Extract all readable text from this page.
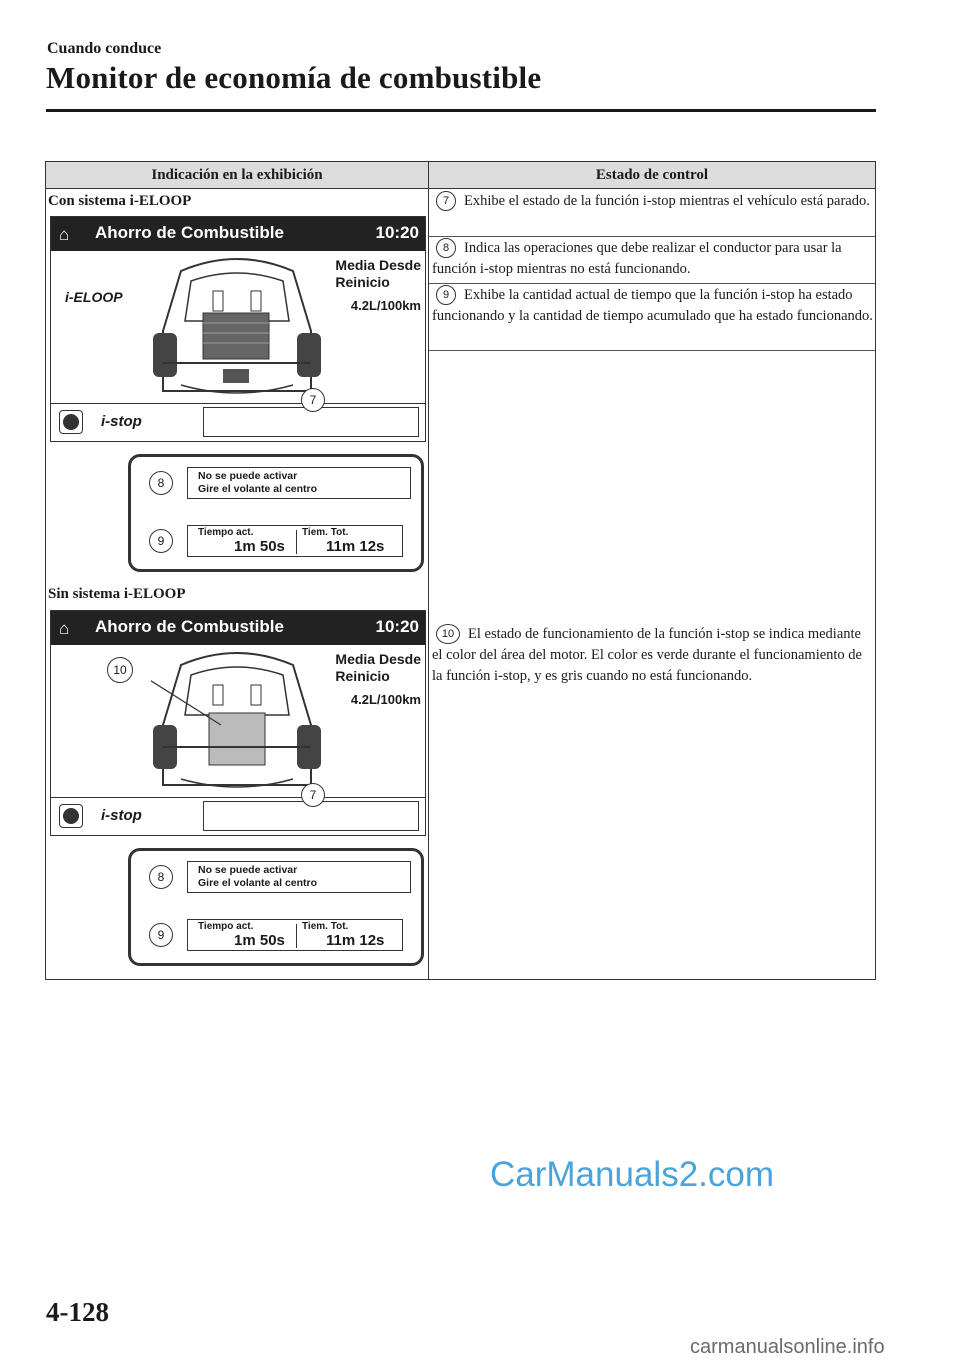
Cuando conduce
Monitor de economía de combustible
Indicación en la exhibición	Estado de control
7 Exhibe el estado de la función i-stop mientras el vehículo está parado.
8 Indica las operaciones que debe realizar el conductor para usar la función i-stop mientras no está funcionando.
9 Exhibe la cantidad actual de tiempo que la función i-stop ha estado funcionando y la cantidad de tiempo acumulado que ha estado funcionando.
10 El estado de funcionamiento de la función i-stop se indica mediante el color del área del motor. El color es verde durante el funcionamiento de la función i-stop, y es gris cuando no está funcionando.
Con sistema i-ELOOP
⌂ Ahorro de Combustible	10:20
Media Desde
Reinicio
4.2L/100km
i-ELOOP
i-stop
7
8	No se puede activar
Gire el volante al centro
9
Tiempo act.	Tiem. Tot.
1m 50s	11m 12s
Sin sistema i-ELOOP
⌂ Ahorro de Combustible	10:20
Media Desde
Reinicio
4.2L/100km
10
i-stop
7
8	No se puede activar
Gire el volante al centro
9
Tiempo act.	Tiem. Tot.
1m 50s	11m 12s
CarManuals2.com
4-128
carmanualsonline.info
